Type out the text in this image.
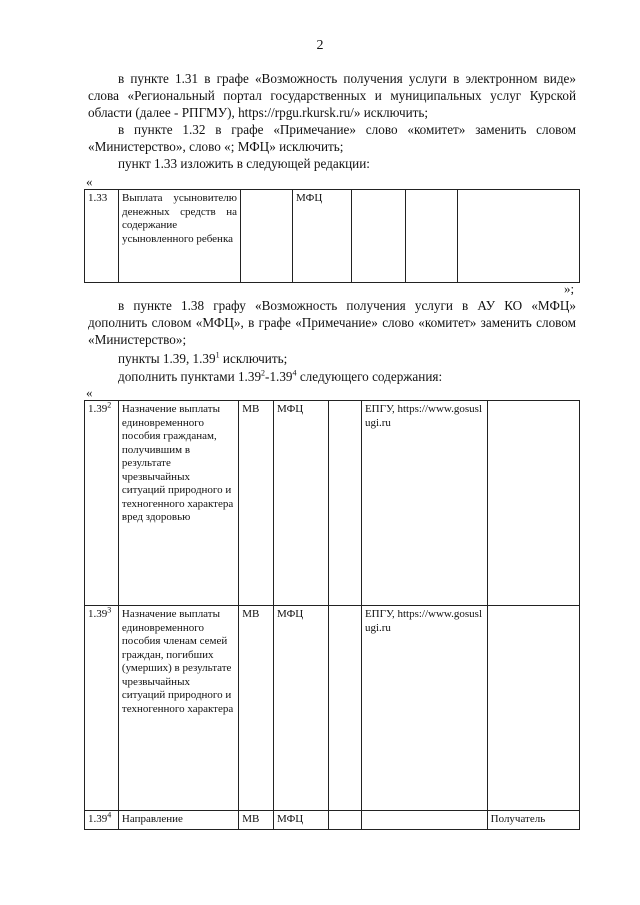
2
в пункте 1.31 в графе «Возможность получения услуги в электронном виде» слова «Региональный портал государственных и муниципальных услуг Курской области (далее - РПГМУ), https://rpgu.rkursk.ru/» исключить;
в пункте 1.32 в графе «Примечание» слово «комитет» заменить словом «Министерство», слово «; МФЦ» исключить;
пункт 1.33 изложить в следующей редакции:
«
1.33	Выплата усыновителю денежных средств на содержание усыновленного ребенка		МФЦ			
»;
в пункте 1.38 графу «Возможность получения услуги в АУ КО «МФЦ» дополнить словом «МФЦ», в графе «Примечание» слово «комитет» заменить словом «Министерство»;
пункты 1.39, 1.39$^1$ исключить;
дополнить пунктами 1.39$^2$-1.39$^4$ следующего содержания:
«
1.39$^2$	Назначение выплаты единовременного пособия гражданам, получившим в результате чрезвычайных ситуаций природного и техногенного характера вред здоровью	МВ	МФЦ		ЕПГУ, https://www.gosuslugi.ru	
1.39$^3$	Назначение выплаты единовременного пособия членам семей граждан, погибших (умерших) в результате чрезвычайных ситуаций природного и техногенного характера	МВ	МФЦ		ЕПГУ, https://www.gosuslugi.ru	
1.39$^4$	Направление	МВ	МФЦ			Получатель
